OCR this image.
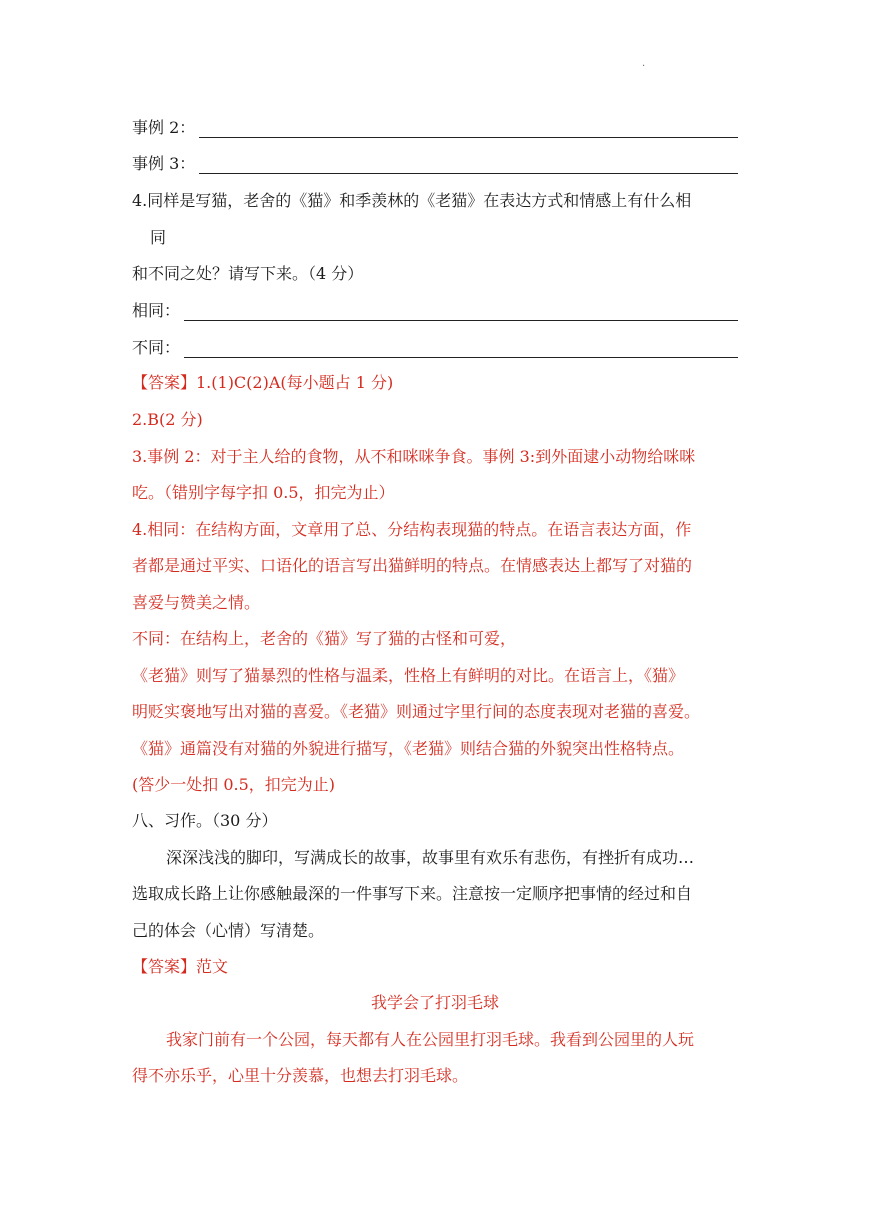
.
事例 2：
事例 3：
4.同样是写猫，老舍的《猫》和季羡林的《老猫》在表达方式和情感上有什么相
同
和不同之处？请写下来。（4 分）
相同：
不同：
【答案】1.(1)C(2)A(每小题占 1 分)
2.B(2 分)
3.事例 2：对于主人给的食物，从不和咪咪争食。事例 3:到外面逮小动物给咪咪
吃。（错别字每字扣 0.5，扣完为止）
4.相同：在结构方面，文章用了总、分结构表现猫的特点。在语言表达方面，作
者都是通过平实、口语化的语言写出猫鲜明的特点。在情感表达上都写了对猫的
喜爱与赞美之情。
不同：在结构上，老舍的《猫》写了猫的古怪和可爱，
《老猫》则写了猫暴烈的性格与温柔，性格上有鲜明的对比。在语言上，《猫》
明贬实褒地写出对猫的喜爱。《老猫》则通过字里行间的态度表现对老猫的喜爱。
《猫》通篇没有对猫的外貌进行描写，《老猫》则结合猫的外貌突出性格特点。
(答少一处扣 0.5，扣完为止)
八、习作。（30 分）
深深浅浅的脚印，写满成长的故事，故事里有欢乐有悲伤，有挫折有成功…
选取成长路上让你感触最深的一件事写下来。注意按一定顺序把事情的经过和自
己的体会（心情）写清楚。
【答案】范文
我学会了打羽毛球
我家门前有一个公园，每天都有人在公园里打羽毛球。我看到公园里的人玩
得不亦乐乎，心里十分羡慕，也想去打羽毛球。
